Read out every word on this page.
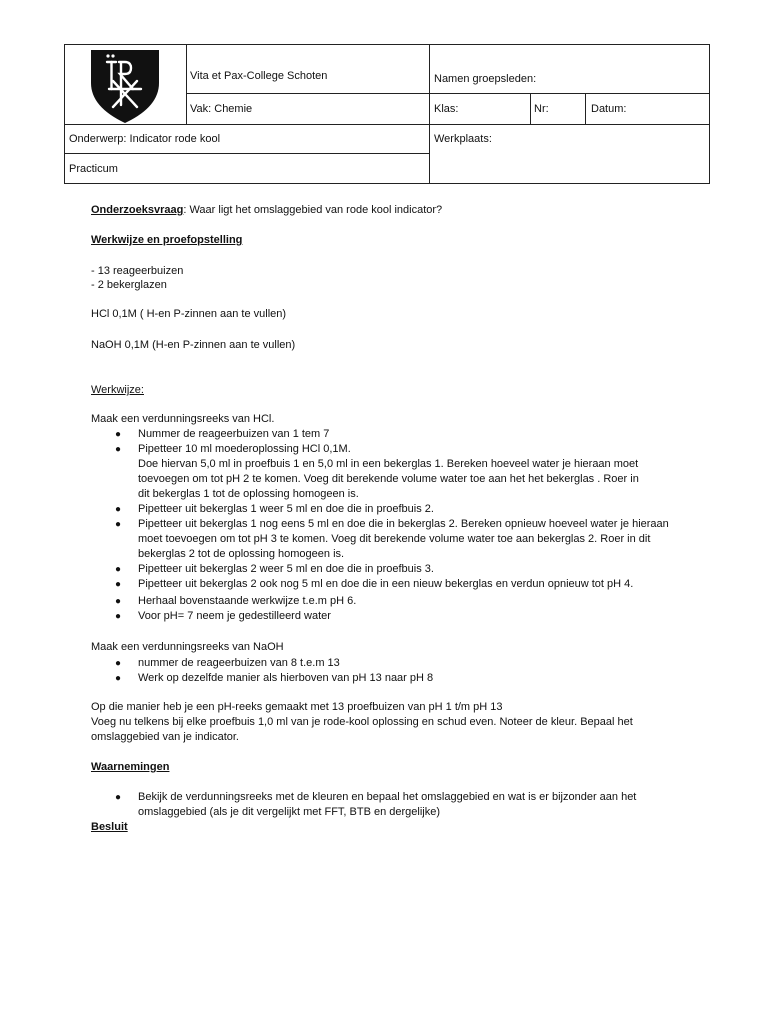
Vita et Pax-College Schoten
Vak: Chemie
Namen groepsleden:
Klas:	Nr:	Datum:
Onderwerp: Indicator rode kool	Werkplaats:
Practicum
Onderzoeksvraag: Waar ligt het omslaggebied van rode kool indicator?
Werkwijze en proefopstelling
- 13 reageerbuizen
- 2 bekerglazen
HCl 0,1M ( H-en P-zinnen aan te vullen)
NaOH 0,1M (H-en P-zinnen aan te vullen)
Werkwijze:
Maak een verdunningsreeks van HCl.
● Nummer de reageerbuizen van 1 tem 7
● Pipetteer 10 ml moederoplossing HCl 0,1M.
Doe hiervan 5,0 ml in proefbuis 1 en 5,0 ml in een bekerglas 1. Bereken hoeveel water je hieraan moet
toevoegen om tot pH 2 te komen. Voeg dit berekende volume water toe aan het het bekerglas . Roer in
dit bekerglas 1 tot de oplossing homogeen is.
● Pipetteer uit bekerglas 1 weer 5 ml en doe die in proefbuis 2.
● Pipetteer uit bekerglas 1 nog eens 5 ml en doe die in bekerglas 2. Bereken opnieuw hoeveel water je hieraan
moet toevoegen om tot pH 3 te komen. Voeg dit berekende volume water toe aan bekerglas 2. Roer in dit
bekerglas 2 tot de oplossing homogeen is.
● Pipetteer uit bekerglas 2 weer 5 ml en doe die in proefbuis 3.
● Pipetteer uit bekerglas 2 ook nog 5 ml en doe die in een nieuw bekerglas en verdun opnieuw tot pH 4.
● Herhaal bovenstaande werkwijze t.e.m pH 6.
● Voor pH= 7 neem je gedestilleerd water
Maak een verdunningsreeks van NaOH
● nummer de reageerbuizen van 8 t.e.m 13
● Werk op dezelfde manier als hierboven van pH 13 naar pH 8
Op die manier heb je een pH-reeks gemaakt met 13 proefbuizen van pH 1 t/m pH 13
Voeg nu telkens bij elke proefbuis 1,0 ml van je rode-kool oplossing en schud even. Noteer de kleur. Bepaal het
omslaggebied van je indicator.
Waarnemingen
● Bekijk de verdunningsreeks met de kleuren en bepaal het omslaggebied en wat is er bijzonder aan het
omslaggebied (als je dit vergelijkt met FFT, BTB en dergelijke)
Besluit
